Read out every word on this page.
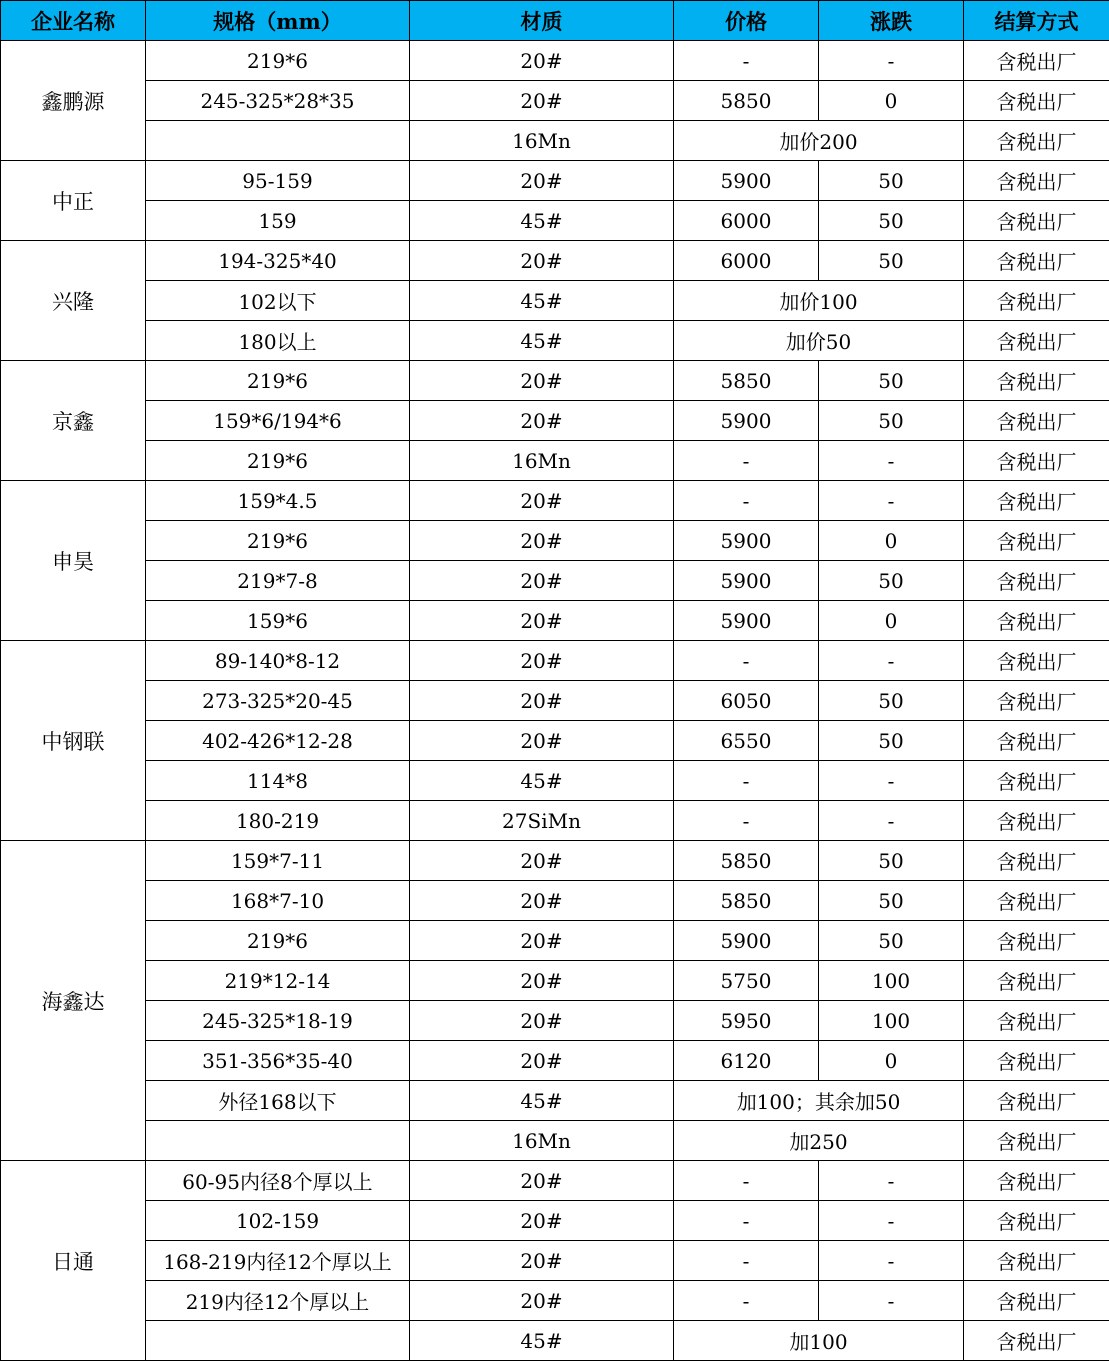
企业名称	规格（mm）	材质	价格	涨跌	结算方式
鑫鹏源	219*6	20#	-	-	含税出厂
	245-325*28*35	20#	5850	0	含税出厂
		16Mn	加价200		含税出厂
中正	95-159	20#	5900	50	含税出厂
	159	45#	6000	50	含税出厂
兴隆	194-325*40	20#	6000	50	含税出厂
	102以下	45#	加价100		含税出厂
	180以上	45#	加价50		含税出厂
京鑫	219*6	20#	5850	50	含税出厂
	159*6/194*6	20#	5900	50	含税出厂
	219*6	16Mn	-	-	含税出厂
申昊	159*4.5	20#	-	-	含税出厂
	219*6	20#	5900	0	含税出厂
	219*7-8	20#	5900	50	含税出厂
	159*6	20#	5900	0	含税出厂
中钢联	89-140*8-12	20#	-	-	含税出厂
	273-325*20-45	20#	6050	50	含税出厂
	402-426*12-28	20#	6550	50	含税出厂
	114*8	45#	-	-	含税出厂
	180-219	27SiMn	-	-	含税出厂
海鑫达	159*7-11	20#	5850	50	含税出厂
	168*7-10	20#	5850	50	含税出厂
	219*6	20#	5900	50	含税出厂
	219*12-14	20#	5750	100	含税出厂
	245-325*18-19	20#	5950	100	含税出厂
	351-356*35-40	20#	6120	0	含税出厂
	外径168以下	45#	加100；其余加50		含税出厂
		16Mn	加250		含税出厂
日通	60-95内径8个厚以上	20#	-	-	含税出厂
	102-159	20#	-	-	含税出厂
	168-219内径12个厚以上	20#	-	-	含税出厂
	219内径12个厚以上	20#	-	-	含税出厂
		45#	加100		含税出厂
